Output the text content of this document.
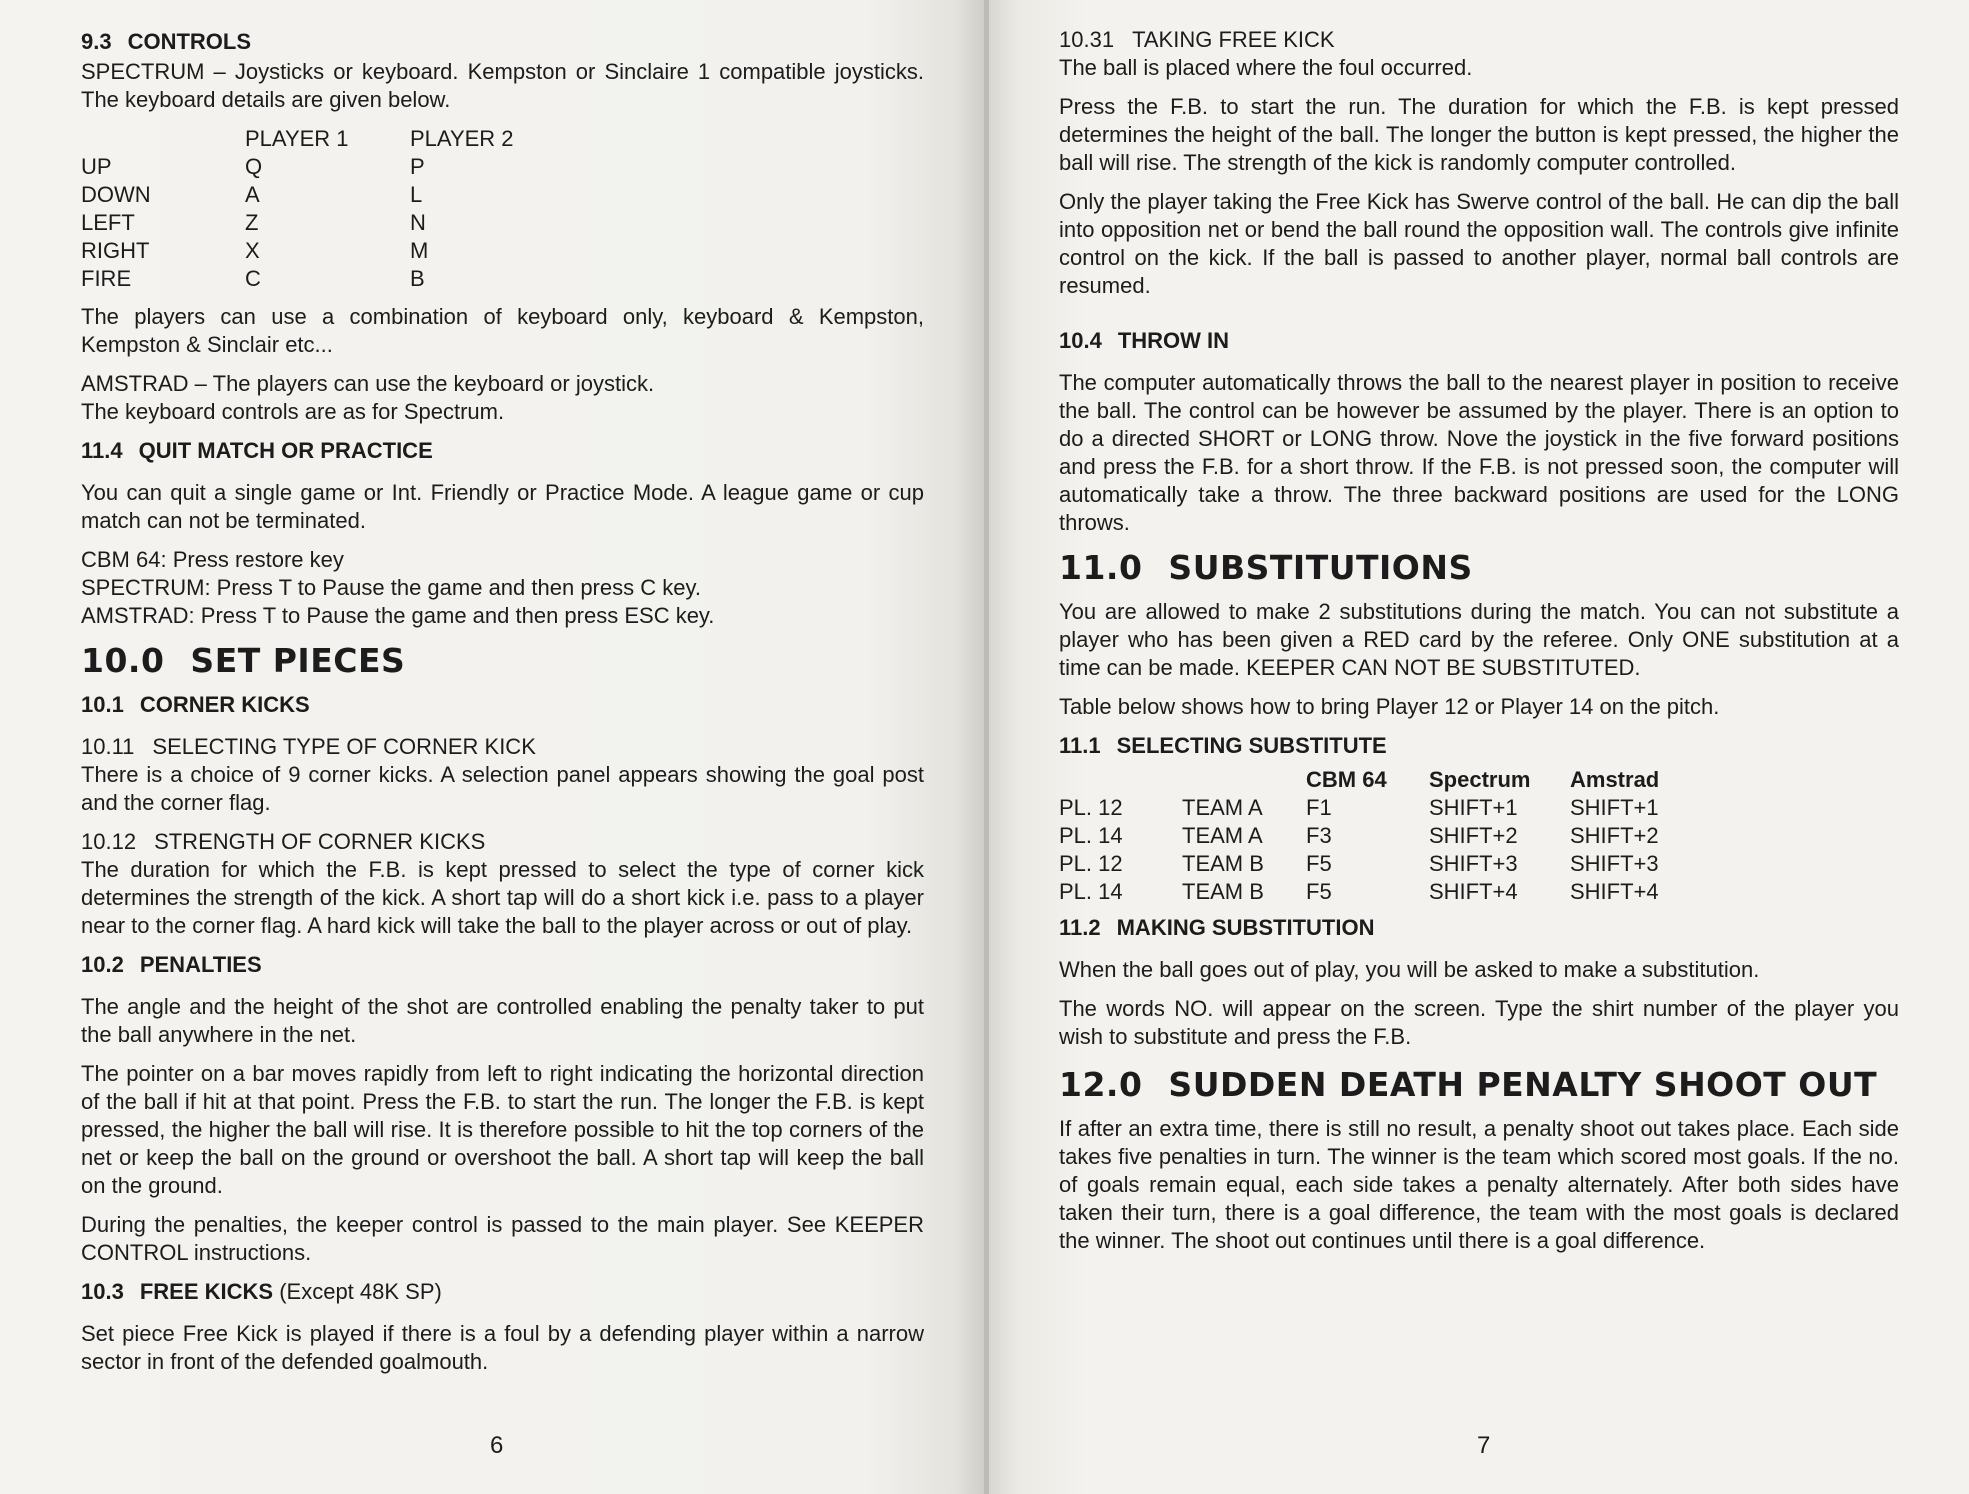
9.3 CONTROLS

SPECTRUM – Joysticks or keyboard. Kempston or Sinclaire 1 compatible joysticks. The keyboard details are given below.

	PLAYER 1	PLAYER 2
UP	Q	P
DOWN	A	L
LEFT	Z	N
RIGHT	X	M
FIRE	C	B

The players can use a combination of keyboard only, keyboard & Kempston, Kempston & Sinclair etc...

AMSTRAD – The players can use the keyboard or joystick.

The keyboard controls are as for Spectrum.

11.4 QUIT MATCH OR PRACTICE

You can quit a single game or Int. Friendly or Practice Mode. A league game or cup match can not be terminated.

CBM 64: Press restore key

SPECTRUM: Press T to Pause the game and then press C key.

AMSTRAD: Press T to Pause the game and then press ESC key.

10.0 SET PIECES
10.1 CORNER KICKS
10.11 SELECTING TYPE OF CORNER KICK

There is a choice of 9 corner kicks. A selection panel appears showing the goal post and the corner flag.

10.12 STRENGTH OF CORNER KICKS

The duration for which the F.B. is kept pressed to select the type of corner kick determines the strength of the kick. A short tap will do a short kick i.e. pass to a player near to the corner flag. A hard kick will take the ball to the player across or out of play.

10.2 PENALTIES

The angle and the height of the shot are controlled enabling the penalty taker to put the ball anywhere in the net.

The pointer on a bar moves rapidly from left to right indicating the horizontal direction of the ball if hit at that point. Press the F.B. to start the run. The longer the F.B. is kept pressed, the higher the ball will rise. It is therefore possible to hit the top corners of the net or keep the ball on the ground or overshoot the ball. A short tap will keep the ball on the ground.

During the penalties, the keeper control is passed to the main player. See KEEPER CONTROL instructions.

10.3 FREE KICKS (Except 48K SP)

Set piece Free Kick is played if there is a foul by a defending player within a narrow sector in front of the defended goalmouth.

6
10.31 TAKING FREE KICK

The ball is placed where the foul occurred.

Press the F.B. to start the run. The duration for which the F.B. is kept pressed determines the height of the ball. The longer the button is kept pressed, the higher the ball will rise. The strength of the kick is randomly computer controlled.

Only the player taking the Free Kick has Swerve control of the ball. He can dip the ball into opposition net or bend the ball round the opposition wall. The controls give infinite control on the kick. If the ball is passed to another player, normal ball controls are resumed.

10.4 THROW IN

The computer automatically throws the ball to the nearest player in position to receive the ball. The control can be however be assumed by the player. There is an option to do a directed SHORT or LONG throw. Nove the joystick in the five forward positions and press the F.B. for a short throw. If the F.B. is not pressed soon, the computer will automatically take a throw. The three backward positions are used for the LONG throws.

11.0 SUBSTITUTIONS

You are allowed to make 2 substitutions during the match. You can not substitute a player who has been given a RED card by the referee. Only ONE substitution at a time can be made. KEEPER CAN NOT BE SUBSTITUTED.

Table below shows how to bring Player 12 or Player 14 on the pitch.

11.1 SELECTING SUBSTITUTE
		CBM 64	Spectrum	Amstrad
PL. 12	TEAM A	F1	SHIFT+1	SHIFT+1
PL. 14	TEAM A	F3	SHIFT+2	SHIFT+2
PL. 12	TEAM B	F5	SHIFT+3	SHIFT+3
PL. 14	TEAM B	F5	SHIFT+4	SHIFT+4
11.2 MAKING SUBSTITUTION

When the ball goes out of play, you will be asked to make a substitution.

The words NO. will appear on the screen. Type the shirt number of the player you wish to substitute and press the F.B.

12.0 SUDDEN DEATH PENALTY SHOOT OUT

If after an extra time, there is still no result, a penalty shoot out takes place. Each side takes five penalties in turn. The winner is the team which scored most goals. If the no. of goals remain equal, each side takes a penalty alternately. After both sides have taken their turn, there is a goal difference, the team with the most goals is declared the winner. The shoot out continues until there is a goal difference.

7
